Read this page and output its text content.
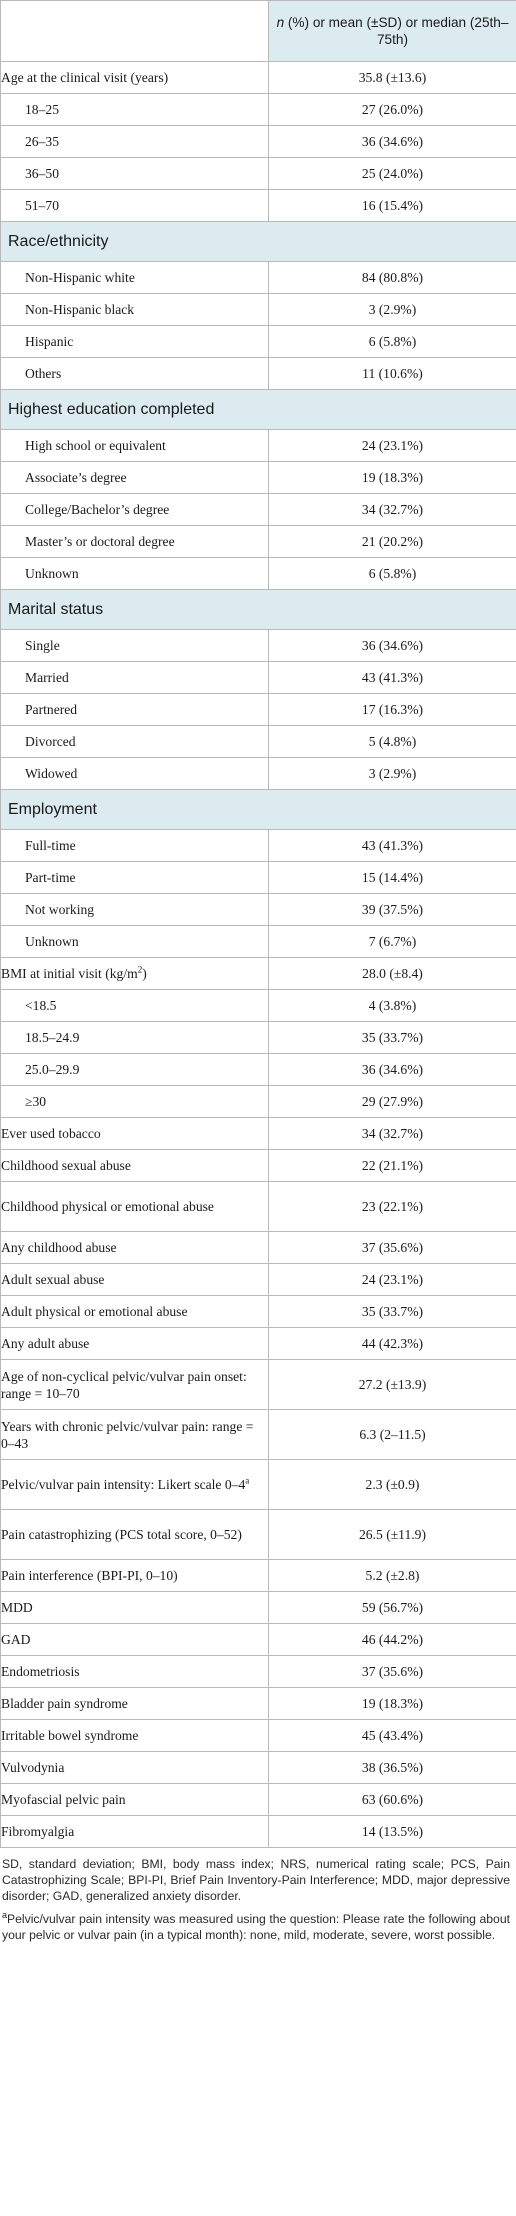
	n (%) or mean (±SD) or median (25th–75th)
Age at the clinical visit (years)	35.8 (±13.6)
18–25	27 (26.0%)
26–35	36 (34.6%)
36–50	25 (24.0%)
51–70	16 (15.4%)
Race/ethnicity	
Non-Hispanic white	84 (80.8%)
Non-Hispanic black	3 (2.9%)
Hispanic	6 (5.8%)
Others	11 (10.6%)
Highest education completed	
High school or equivalent	24 (23.1%)
Associate’s degree	19 (18.3%)
College/Bachelor’s degree	34 (32.7%)
Master’s or doctoral degree	21 (20.2%)
Unknown	6 (5.8%)
Marital status	
Single	36 (34.6%)
Married	43 (41.3%)
Partnered	17 (16.3%)
Divorced	5 (4.8%)
Widowed	3 (2.9%)
Employment	
Full-time	43 (41.3%)
Part-time	15 (14.4%)
Not working	39 (37.5%)
Unknown	7 (6.7%)
BMI at initial visit $(kg/m^2)$	28.0 (±8.4)
<18.5	4 (3.8%)
18.5–24.9	35 (33.7%)
25.0–29.9	36 (34.6%)
≥30	29 (27.9%)
Ever used tobacco	34 (32.7%)
Childhood sexual abuse	22 (21.1%)
Childhood physical or emotional abuse	23 (22.1%)
Any childhood abuse	37 (35.6%)
Adult sexual abuse	24 (23.1%)
Adult physical or emotional abuse	35 (33.7%)
Any adult abuse	44 (42.3%)
Age of non-cyclical pelvic/vulvar pain onset: range = 10–70	27.2 (±13.9)
Years with chronic pelvic/vulvar pain: range = 0–43	6.3 (2–11.5)
Pelvic/vulvar pain intensity: Likert scale 0–4$^a$	2.3 (±0.9)
Pain catastrophizing (PCS total score, 0–52)	26.5 (±11.9)
Pain interference (BPI-PI, 0–10)	5.2 (±2.8)
MDD	59 (56.7%)
GAD	46 (44.2%)
Endometriosis	37 (35.6%)
Bladder pain syndrome	19 (18.3%)
Irritable bowel syndrome	45 (43.4%)
Vulvodynia	38 (36.5%)
Myofascial pelvic pain	63 (60.6%)
Fibromyalgia	14 (13.5%)

SD, standard deviation; BMI, body mass index; NRS, numerical rating scale; PCS, Pain Catastrophizing Scale; BPI-PI, Brief Pain Inventory-Pain Interference; MDD, major depressive disorder; GAD, generalized anxiety disorder.

$^a$Pelvic/vulvar pain intensity was measured using the question: Please rate the following about your pelvic or vulvar pain (in a typical month): none, mild, moderate, severe, worst possible.
